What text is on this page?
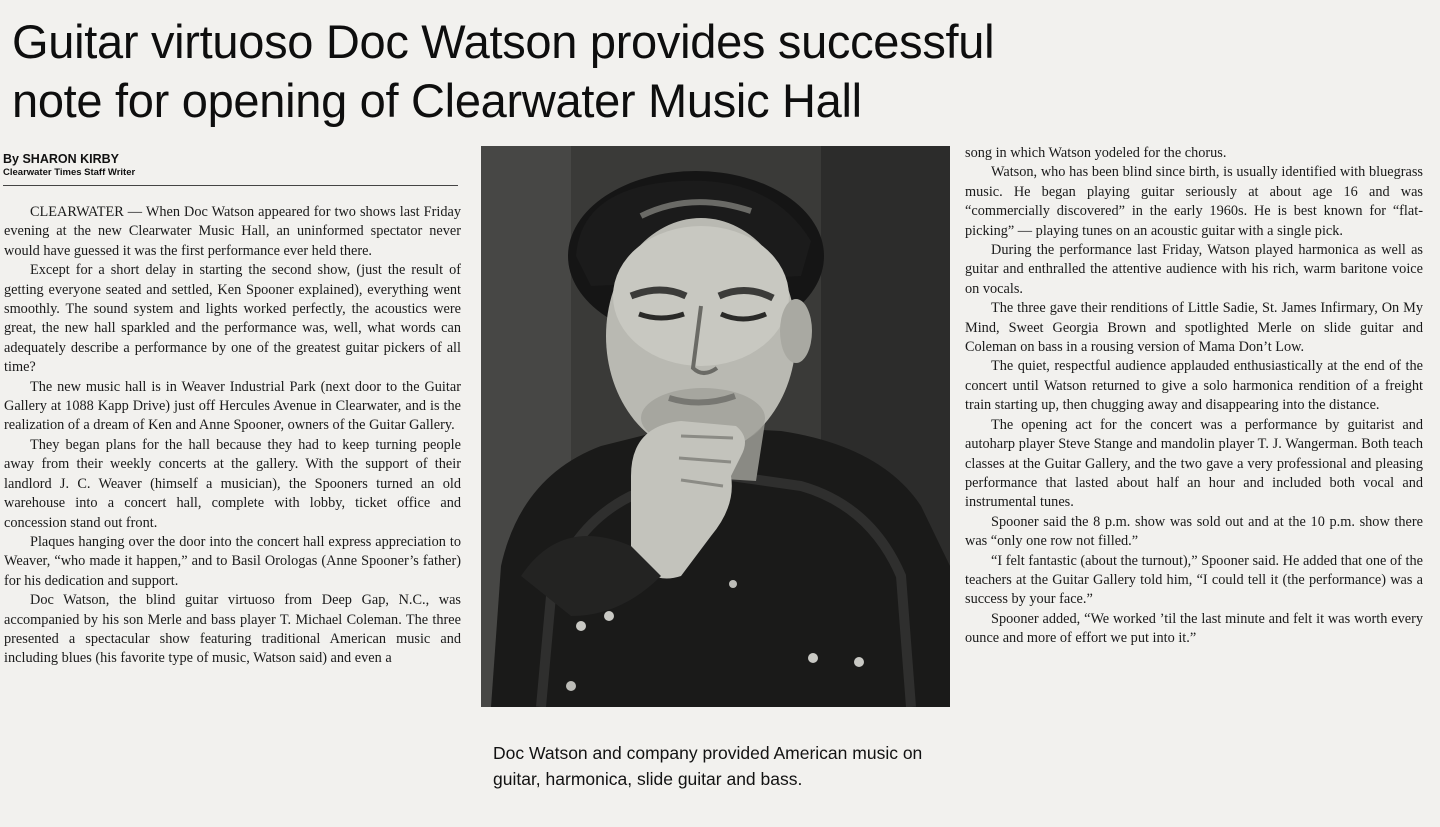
Guitar virtuoso Doc Watson provides successful
note for opening of Clearwater Music Hall
By SHARON KIRBY
Clearwater Times Staff Writer

CLEARWATER — When Doc Watson appeared for two shows last Friday evening at the new Clearwater Music Hall, an uninformed spectator never would have guessed it was the first performance ever held there.

Except for a short delay in starting the second show, (just the result of getting everyone seated and settled, Ken Spooner explained), everything went smoothly. The sound system and lights worked perfectly, the acoustics were great, the new hall sparkled and the performance was, well, what words can adequately describe a performance by one of the greatest guitar pickers of all time?

The new music hall is in Weaver Industrial Park (next door to the Guitar Gallery at 1088 Kapp Drive) just off Hercules Avenue in Clearwater, and is the realization of a dream of Ken and Anne Spooner, owners of the Guitar Gallery.

They began plans for the hall because they had to keep turning people away from their weekly concerts at the gallery. With the support of their landlord J. C. Weaver (himself a musician), the Spooners turned an old warehouse into a concert hall, complete with lobby, ticket office and concession stand out front.

Plaques hanging over the door into the concert hall express appreciation to Weaver, “who made it happen,” and to Basil Orologas (Anne Spooner’s father) for his dedication and support.

Doc Watson, the blind guitar virtuoso from Deep Gap, N.C., was accompanied by his son Merle and bass player T. Michael Coleman. The three presented a spectacular show featuring traditional American music and including blues (his favorite type of music, Watson said) and even a

Doc Watson and company provided American music on guitar, harmonica, slide guitar and bass.

song in which Watson yodeled for the chorus.

Watson, who has been blind since birth, is usually identified with bluegrass music. He began playing guitar seriously at about age 16 and was “commercially discovered” in the early 1960s. He is best known for “flat-picking” — playing tunes on an acoustic guitar with a single pick.

During the performance last Friday, Watson played harmonica as well as guitar and enthralled the attentive audience with his rich, warm baritone voice on vocals.

The three gave their renditions of Little Sadie, St. James Infirmary, On My Mind, Sweet Georgia Brown and spotlighted Merle on slide guitar and Coleman on bass in a rousing version of Mama Don’t Low.

The quiet, respectful audience applauded enthusiastically at the end of the concert until Watson returned to give a solo harmonica rendition of a freight train starting up, then chugging away and disappearing into the distance.

The opening act for the concert was a performance by guitarist and autoharp player Steve Stange and mandolin player T. J. Wangerman. Both teach classes at the Guitar Gallery, and the two gave a very professional and pleasing performance that lasted about half an hour and included both vocal and instrumental tunes.

Spooner said the 8 p.m. show was sold out and at the 10 p.m. show there was “only one row not filled.”

“I felt fantastic (about the turnout),” Spooner said. He added that one of the teachers at the Guitar Gallery told him, “I could tell it (the performance) was a success by your face.”

Spooner added, “We worked ’til the last minute and felt it was worth every ounce and more of effort we put into it.”
